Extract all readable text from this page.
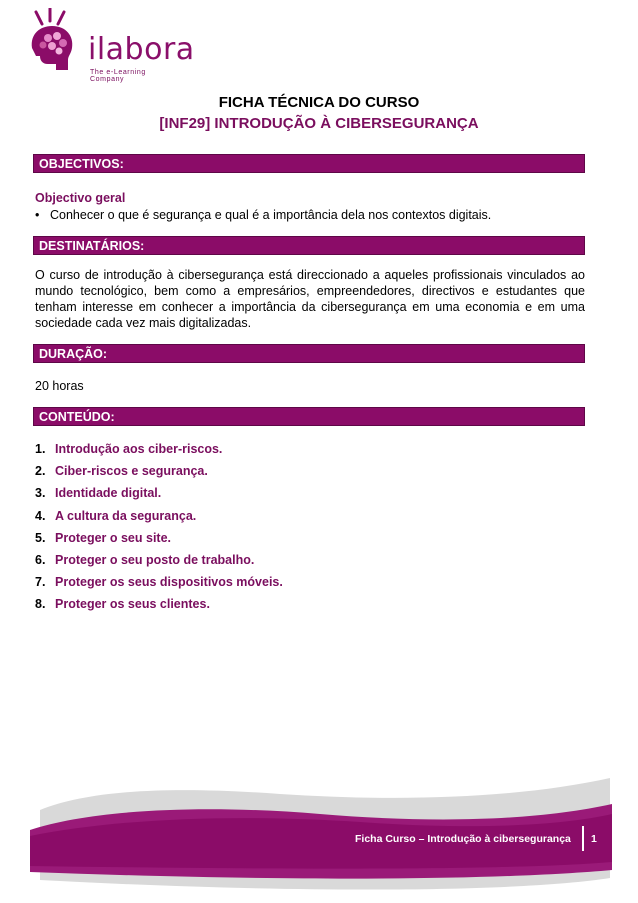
ilabora
The e-Learning Company
FICHA TÉCNICA DO CURSO
[INF29] INTRODUÇÃO À CIBERSEGURANÇA
OBJECTIVOS:
Objectivo geral
• Conhecer o que é segurança e qual é a importância dela nos contextos digitais.
DESTINATÁRIOS:
O curso de introdução à cibersegurança está direccionado a aqueles profissionais vinculados ao mundo tecnológico, bem como a empresários, empreendedores, directivos e estudantes que tenham interesse em conhecer a importância da cibersegurança em uma economia e em uma sociedade cada vez mais digitalizadas.
DURAÇÃO:
20 horas
CONTEÚDO:
1. Introdução aos ciber-riscos.
2. Ciber-riscos e segurança.
3. Identidade digital.
4. A cultura da segurança.
5. Proteger o seu site.
6. Proteger o seu posto de trabalho.
7. Proteger os seus dispositivos móveis.
8. Proteger os seus clientes.
Ficha Curso – Introdução à cibersegurança 1
